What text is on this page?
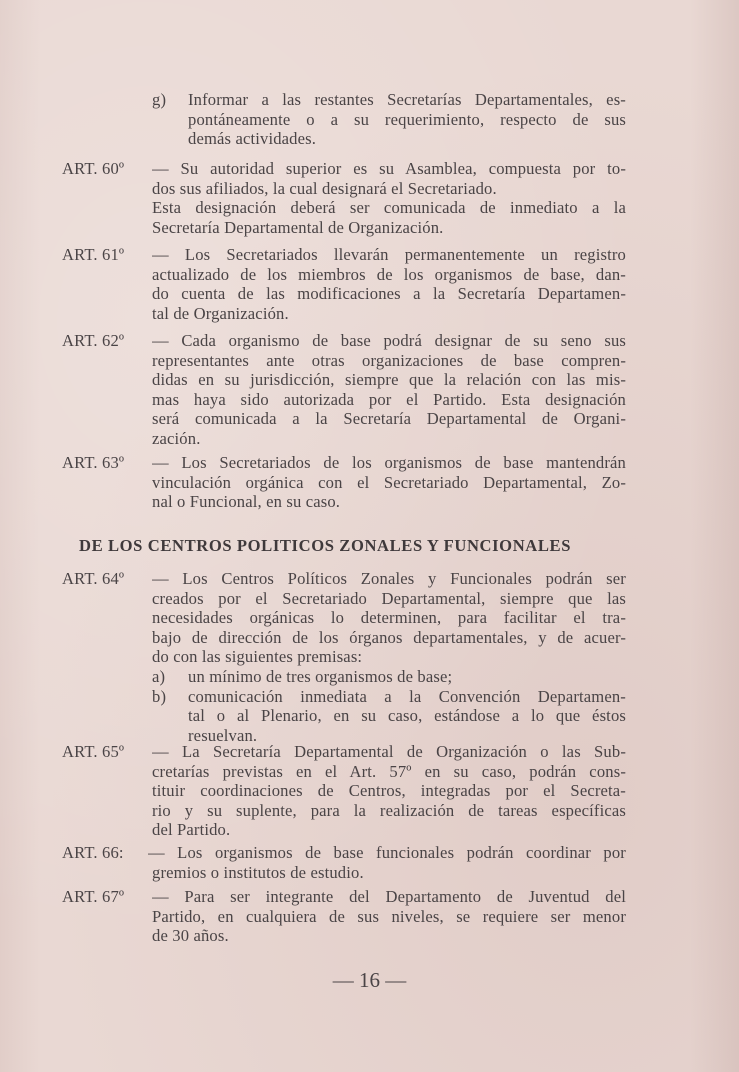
g) Informar a las restantes Secretarías Departamentales, es-
pontáneamente o a su requerimiento, respecto de sus
demás actividades.
ART. 60º — Su autoridad superior es su Asamblea, compuesta por to-
dos sus afiliados, la cual designará el Secretariado.
Esta designación deberá ser comunicada de inmediato a la
Secretaría Departamental de Organización.
ART. 61º — Los Secretariados llevarán permanentemente un registro
actualizado de los miembros de los organismos de base, dan-
do cuenta de las modificaciones a la Secretaría Departamen-
tal de Organización.
ART. 62º — Cada organismo de base podrá designar de su seno sus
representantes ante otras organizaciones de base compren-
didas en su jurisdicción, siempre que la relación con las mis-
mas haya sido autorizada por el Partido. Esta designación
será comunicada a la Secretaría Departamental de Organi-
zación.
ART. 63º — Los Secretariados de los organismos de base mantendrán
vinculación orgánica con el Secretariado Departamental, Zo-
nal o Funcional, en su caso.
DE LOS CENTROS POLITICOS ZONALES Y FUNCIONALES
ART. 64º — Los Centros Políticos Zonales y Funcionales podrán ser
creados por el Secretariado Departamental, siempre que las
necesidades orgánicas lo determinen, para facilitar el tra-
bajo de dirección de los órganos departamentales, y de acuer-
do con las siguientes premisas:
a) un mínimo de tres organismos de base;
b) comunicación inmediata a la Convención Departamen-
tal o al Plenario, en su caso, estándose a lo que éstos
resuelvan.
ART. 65º — La Secretaría Departamental de Organización o las Sub-
cretarías previstas en el Art. 57º en su caso, podrán cons-
tituir coordinaciones de Centros, integradas por el Secreta-
rio y su suplente, para la realización de tareas específicas
del Partido.
ART. 66: — Los organismos de base funcionales podrán coordinar por
gremios o institutos de estudio.
ART. 67º — Para ser integrante del Departamento de Juventud del
Partido, en cualquiera de sus niveles, se requiere ser menor
de 30 años.
— 16 —
